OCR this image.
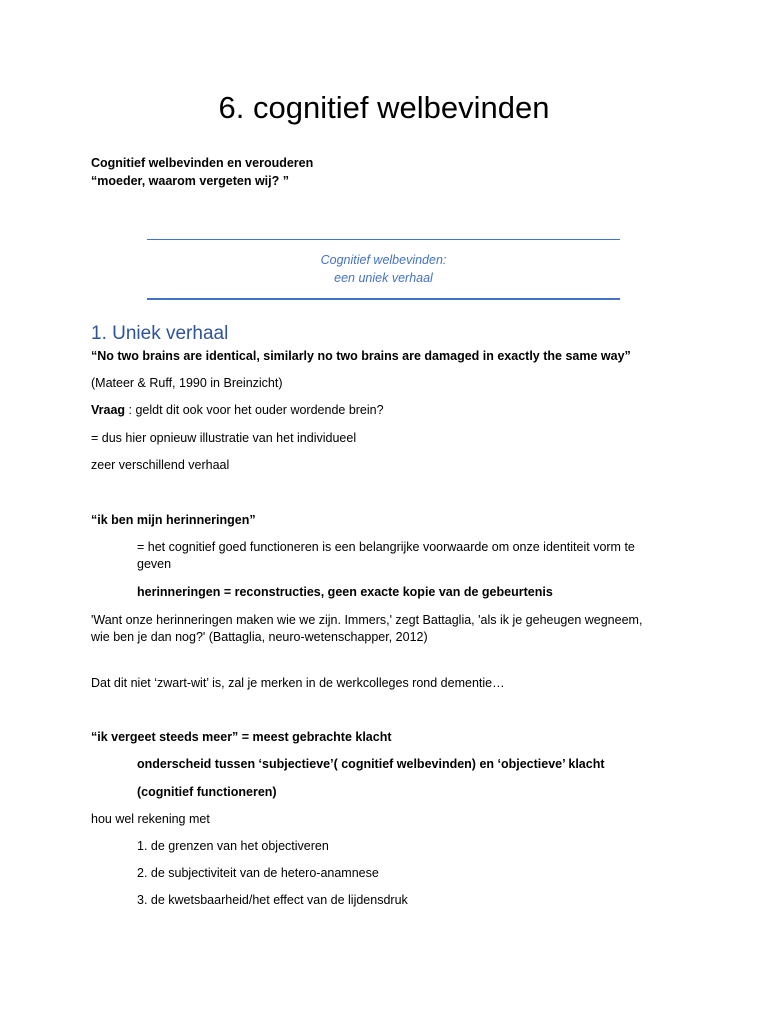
6. cognitief welbevinden
Cognitief welbevinden en verouderen
“moeder, waarom vergeten wij? ”
Cognitief welbevinden:
een uniek verhaal
1. Uniek verhaal
“No two brains are identical, similarly no two brains are damaged in exactly the same way”
(Mateer & Ruff, 1990 in Breinzicht)
Vraag : geldt dit ook voor het ouder wordende brein?
= dus hier opnieuw illustratie van het individueel
zeer verschillend verhaal
“ik ben mijn herinneringen”
= het cognitief goed functioneren is een belangrijke voorwaarde om onze identiteit vorm te
geven
herinneringen = reconstructies, geen exacte kopie van de gebeurtenis
'Want onze herinneringen maken wie we zijn. Immers,' zegt Battaglia, 'als ik je geheugen wegneem,
wie ben je dan nog?' (Battaglia, neuro-wetenschapper, 2012)
Dat dit niet ‘zwart-wit’ is, zal je merken in de werkcolleges rond dementie…
“ik vergeet steeds meer” = meest gebrachte klacht
onderscheid tussen ‘subjectieve’( cognitief welbevinden) en ‘objectieve’ klacht
(cognitief functioneren)
hou wel rekening met
1. de grenzen van het objectiveren
2. de subjectiviteit van de hetero-anamnese
3. de kwetsbaarheid/het effect van de lijdensdruk
